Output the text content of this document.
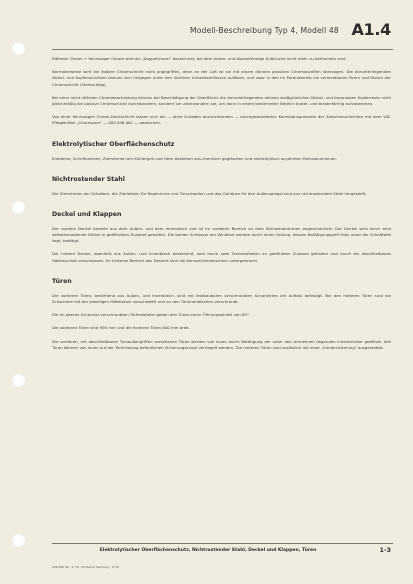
Modell-Beschreibung Typ 4, Modell 48 A1.4

Rißfreier Chrom + feinrissiger Chrom wird als „Doppelchrom“ bezeichnet, bei dem krater- und blasenförmige Aufbrüche nicht mehr zu befürchten sind.

Normalerweise wird die äußere Chromschicht nicht angegriffen, denn an der Luft ist sie mit einem dünnen passiven Chromoxydfilm überzogen. Die darunterliegenden Nickel- und Kupferschichten können sich hingegen unter den üblichen Umwelteinflüssen auflösen, und zwar in den im Porenbetrieb nie vermeidbaren Poren und Rissen der Chromschicht (Steinschlag).

Bei einer nicht rißfreien Chromabscheidung können bei Beschädigung der Oberfläche die darunterliegenden aktiven weißgrünlichen Nickel- und braunrosen Kupferreste nicht gleichmäßig die passive Chromschicht durchwandern, sondern sie unterwandern sie, um dann in einem bestimmten Bereich krater- und blasenförmig aufzubrechen.

Von einer feinrissigen Chrom-Deckschicht lassen sich die — ohne Schaden anzurichtenden — durchgewanderten Korrosionsprodukte der Zwischenschichten mit dem VW-Pflegemittel „Chromputz“ — 000 096 061 — abwischen.

Elektrolytischer Oberflächenschutz

Embleme, Schriftzeichen, Zierrahmen am Kühlergrill und Heck bestehen aus chemisch geglänzten und elektrolytisch oxydierten Reinstaluminium.

Nichtrostender Stahl

Die Zierrahmen der Scheiben, die Zierleisten für Regenrinne und Türschwellen und das Gehäuse für den Außenspiegel sind aus nichtrostendem Stahl hergestellt.

Deckel und Klappen

Der vordere Deckel besteht aus dem Außen- und dem Innenblech und ist im vorderen Bereich an dem Stirnwandrahmen angescharniert. Der Deckel wird durch eine selbsteinrastende Stütze in geöffnetem Zustand gehalten. Die beiden Schlösser am Windlauf werden durch einen Seilzug, dessen Betätigungsgriff links unter der Schalttafel liegt, betätigt.

Der hintere Deckel, ebenfalls aus Außen- und Innenblech bestehend, wird durch zwei Torsionsfedern im geöffneten Zustand gehalten und durch ein abschließbares Hakenschloß verschlossen. Im hinteren Bereich des Deckels sind die Kennzeichenleuchten untergebracht.

Türen

Die vorderen Türen, bestehend aus Außen- und Innenblech, sind mit festbaubaren verschraubten Scharnieren am Aufbau befestigt. Bei den hinteren Türen sind die Scharniere mit der jeweiligen Mittelsäule verschweißt und an den Türinnenblechen verschraubt.

Die im oberen Scharnier verschraubten Türfeststeller geben den Türen einen Öffnungswinkel von 65°.

Die vorderen Türen sind 995 mm und die hinteren Türen 840 mm breit.

Die vorderen, mit abschließbaren Tursaußengriffen versehenen Türen werden von innen durch Betätigung der unter den Armlehnen liegenden Innendrücker geöffnet. Alle Türen können von innen auf der Türbrüstung befindlichen Sicherungsknopf verriegelt werden. Die hinteren Türen sind zusätzlich mit einer „Kindersicherung“ ausgestattet.

Elektrolytischer Oberflächenschutz, Nichtrostender Stahl, Deckel und Klappen, Türen	1-3
229 090 06 · 4. 70 · Printed in Germany · 8.70
